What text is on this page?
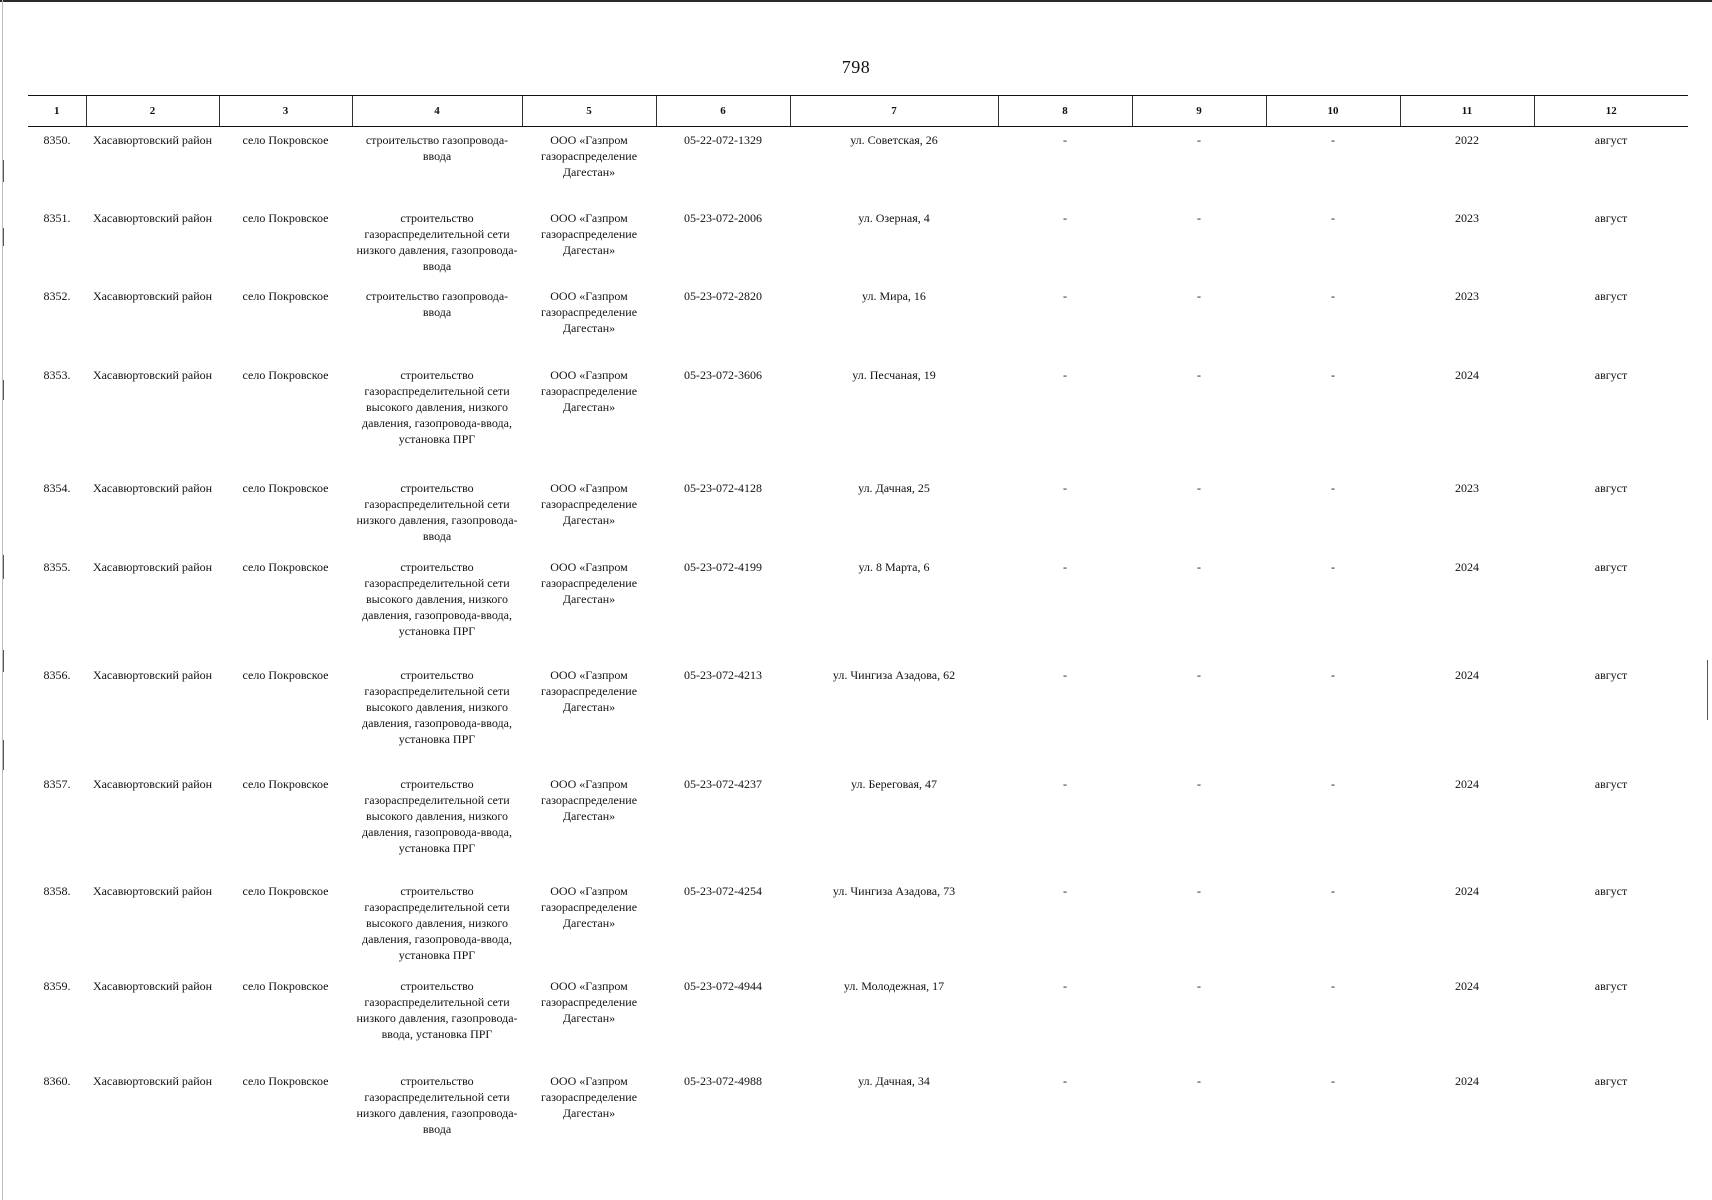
798
1	2	3	4	5	6	7	8	9	10	11	12
8350.	Хасавюртовский район	село Покровское	строительство газопровода-ввода	ООО «Газпром газораспределение Дагестан»	05-22-072-1329	ул. Советская, 26	-	-	-	2022	август
8351.	Хасавюртовский район	село Покровское	строительство газораспределительной сети низкого давления, газопровода-ввода	ООО «Газпром газораспределение Дагестан»	05-23-072-2006	ул. Озерная, 4	-	-	-	2023	август
8352.	Хасавюртовский район	село Покровское	строительство газопровода-ввода	ООО «Газпром газораспределение Дагестан»	05-23-072-2820	ул. Мира, 16	-	-	-	2023	август
8353.	Хасавюртовский район	село Покровское	строительство газораспределительной сети высокого давления, низкого давления, газопровода-ввода, установка ПРГ	ООО «Газпром газораспределение Дагестан»	05-23-072-3606	ул. Песчаная, 19	-	-	-	2024	август
8354.	Хасавюртовский район	село Покровское	строительство газораспределительной сети низкого давления, газопровода-ввода	ООО «Газпром газораспределение Дагестан»	05-23-072-4128	ул. Дачная, 25	-	-	-	2023	август
8355.	Хасавюртовский район	село Покровское	строительство газораспределительной сети высокого давления, низкого давления, газопровода-ввода, установка ПРГ	ООО «Газпром газораспределение Дагестан»	05-23-072-4199	ул. 8 Марта, 6	-	-	-	2024	август
8356.	Хасавюртовский район	село Покровское	строительство газораспределительной сети высокого давления, низкого давления, газопровода-ввода, установка ПРГ	ООО «Газпром газораспределение Дагестан»	05-23-072-4213	ул. Чингиза Азадова, 62	-	-	-	2024	август
8357.	Хасавюртовский район	село Покровское	строительство газораспределительной сети высокого давления, низкого давления, газопровода-ввода, установка ПРГ	ООО «Газпром газораспределение Дагестан»	05-23-072-4237	ул. Береговая, 47	-	-	-	2024	август
8358.	Хасавюртовский район	село Покровское	строительство газораспределительной сети высокого давления, низкого давления, газопровода-ввода, установка ПРГ	ООО «Газпром газораспределение Дагестан»	05-23-072-4254	ул. Чингиза Азадова, 73	-	-	-	2024	август
8359.	Хасавюртовский район	село Покровское	строительство газораспределительной сети низкого давления, газопровода-ввода, установка ПРГ	ООО «Газпром газораспределение Дагестан»	05-23-072-4944	ул. Молодежная, 17	-	-	-	2024	август
8360.	Хасавюртовский район	село Покровское	строительство газораспределительной сети низкого давления, газопровода-ввода	ООО «Газпром газораспределение Дагестан»	05-23-072-4988	ул. Дачная, 34	-	-	-	2024	август
